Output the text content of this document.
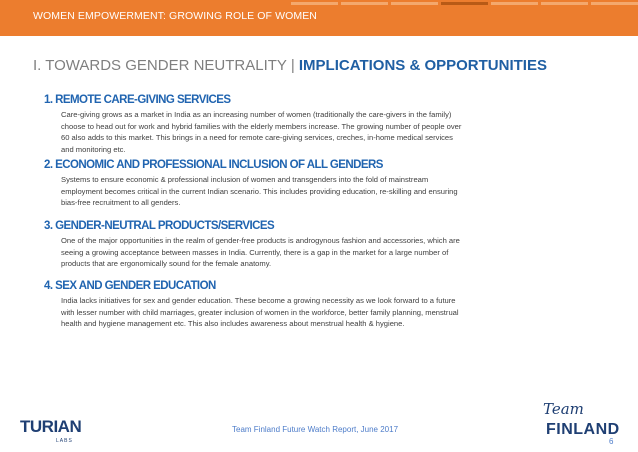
WOMEN EMPOWERMENT: GROWING ROLE OF WOMEN
I. TOWARDS GENDER NEUTRALITY | IMPLICATIONS & OPPORTUNITIES

1. REMOTE CARE-GIVING SERVICES

Care-giving grows as a market in India as an increasing number of women (traditionally the care-givers in the family) choose to head out for work and hybrid families with the elderly members increase. The growing number of people over 60 also adds to this market. This brings in a need for remote care-giving services, creches, in-home medical services and monitoring etc.

2. ECONOMIC AND PROFESSIONAL INCLUSION OF ALL GENDERS

Systems to ensure economic & professional inclusion of women and transgenders into the fold of mainstream employment becomes critical in the current Indian scenario. This includes providing education, re-skilling and ensuring bias-free recruitment to all genders.

3. GENDER-NEUTRAL PRODUCTS/SERVICES

One of the major opportunities in the realm of gender-free products is androgynous fashion and accessories, which are seeing a growing acceptance between masses in India. Currently, there is a gap in the market for a large number of products that are ergonomically sound for the female anatomy.

4. SEX AND GENDER EDUCATION

India lacks initiatives for sex and gender education. These become a growing necessity as we look forward to a future with lesser number with child marriages, greater inclusion of women in the workforce, better family planning, menstrual health and hygiene management etc. This also includes awareness about menstrual health & hygiene.

TURIAN
LABS
Team
FINLAND
Team Finland Future Watch Report, June 2017
6
